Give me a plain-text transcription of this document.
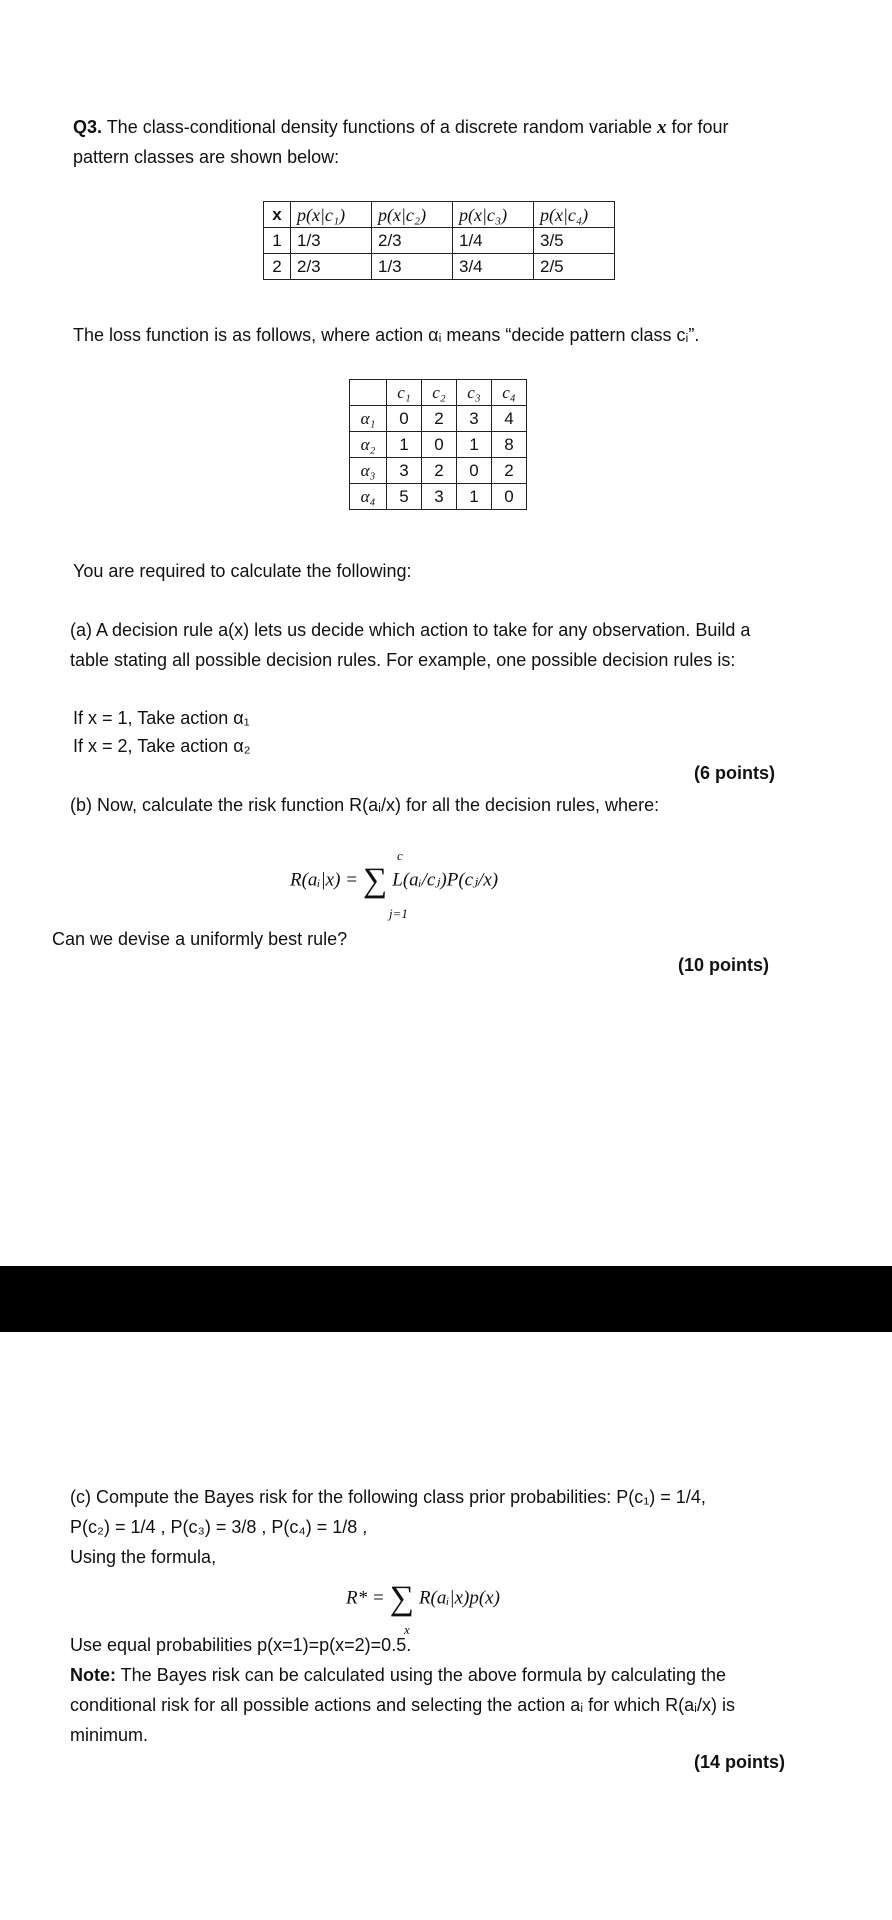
Q3. The class-conditional density functions of a discrete random variable x for four
pattern classes are shown below:
x	p(x|c₁)	p(x|c₂)	p(x|c₃)	p(x|c₄)
1	1/3	2/3	1/4	3/5
2	2/3	1/3	3/4	2/5
The loss function is as follows, where action αᵢ means “decide pattern class cᵢ”.
	c₁	c₂	c₃	c₄
α₁	0	2	3	4
α₂	1	0	1	8
α₃	3	2	0	2
α₄	5	3	1	0
You are required to calculate the following:
(a) A decision rule a(x) lets us decide which action to take for any observation. Build a
table stating all possible decision rules. For example, one possible decision rules is:
If x = 1, Take action α₁
If x = 2, Take action α₂
(6 points)
(b) Now, calculate the risk function R(aᵢ/x) for all the decision rules, where:
R(aᵢ|x) = ∑ L(aᵢ/cⱼ)P(cⱼ/x)
c
j=1
Can we devise a uniformly best rule?
(10 points)
(c) Compute the Bayes risk for the following class prior probabilities: P(c₁) = 1/4,
P(c₂) = 1/4 , P(c₃) = 3/8 , P(c₄) = 1/8 ,
Using the formula,
R* = ∑ R(aᵢ|x)p(x)
x
Use equal probabilities p(x=1)=p(x=2)=0.5.
Note: The Bayes risk can be calculated using the above formula by calculating the
conditional risk for all possible actions and selecting the action aᵢ for which R(aᵢ/x) is
minimum.
(14 points)
